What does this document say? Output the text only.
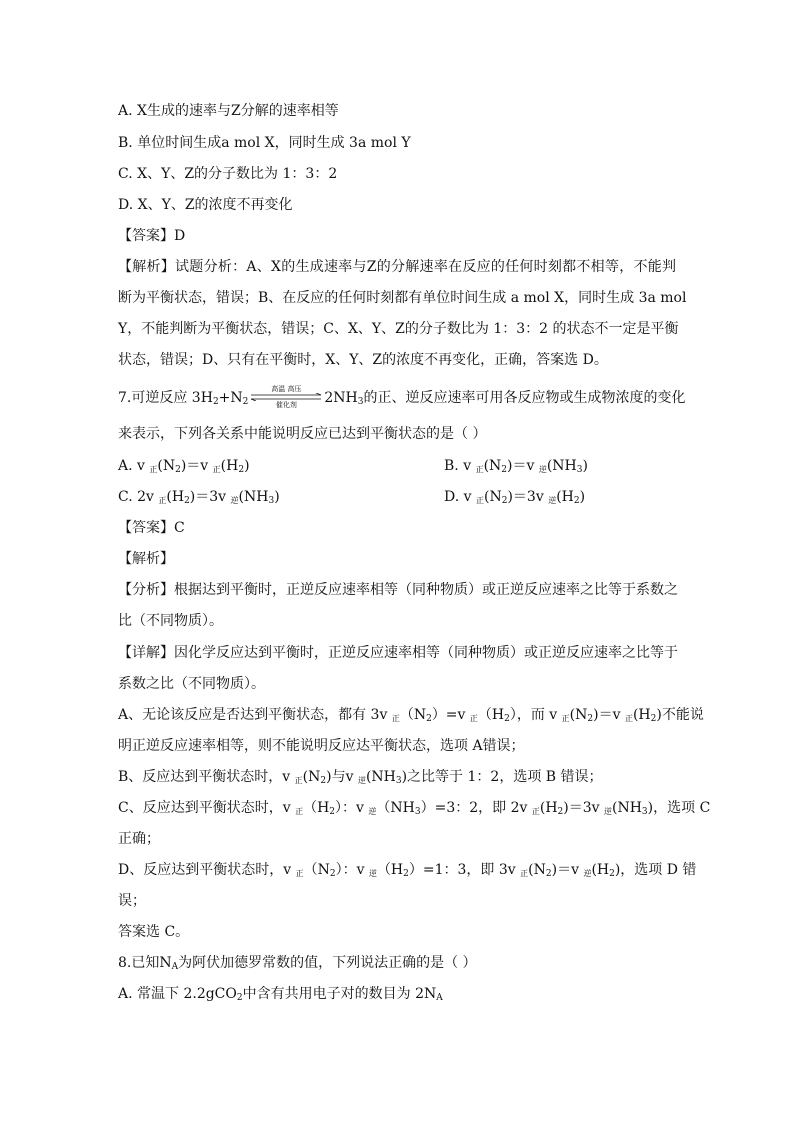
A. X生成的速率与Z分解的速率相等
B. 单位时间生成a mol X，同时生成 3a mol Y
C. X、Y、Z的分子数比为 1：3：2
D. X、Y、Z的浓度不再变化
【答案】D
【解析】试题分析：A、X的生成速率与Z的分解速率在反应的任何时刻都不相等，不能判
断为平衡状态，错误；B、在反应的任何时刻都有单位时间生成 a mol X，同时生成 3a mol
Y，不能判断为平衡状态，错误；C、X、Y、Z的分子数比为 1：3：2 的状态不一定是平衡
状态，错误；D、只有在平衡时，X、Y、Z的浓度不再变化，正确，答案选 D。
7.可逆反应 $3H_2+N_2$
高温 高压
催化剂	$2NH_3$的正、逆反应速率可用各反应物或生成物浓度的变化
来表示，下列各关系中能说明反应已达到平衡状态的是（ ）
A. v $_正(N_2)=v$ $_正(H_2)$	B. v $_正(N_2)=v$ $_逆(NH_3)$
C. 2v $_正(H_2)=3v$ $_逆(NH_3)$	D. v $_正(N_2)=3v$ $_逆(H_2)$
【答案】C
【解析】
【分析】根据达到平衡时，正逆反应速率相等（同种物质）或正逆反应速率之比等于系数之
比（不同物质）。
【详解】因化学反应达到平衡时，正逆反应速率相等（同种物质）或正逆反应速率之比等于
系数之比（不同物质）。
A、无论该反应是否达到平衡状态，都有 3v $_正(N_2)=v$ $_正(H_2)$，而 v $_正(N_2)=v$ $_正(H_2)$不能说
明正逆反应速率相等，则不能说明反应达平衡状态，选项 A错误；
B、反应达到平衡状态时，v $_正(N_2)$与v $_逆(NH_3)$之比等于 1：2，选项 B 错误；
C、反应达到平衡状态时，v $_正(H_2)$：v $_逆(NH_3)=3$：2，即 2v $_正(H_2)=3v$ $_逆(NH_3)$，选项 C
正确；
D、反应达到平衡状态时，v $_正(N_2)$：v $_逆(H_2)=1$：3，即 3v $_正(N_2)=v$ $_逆(H_2)$，选项 D 错
误；
答案选 C。
8.已知$N_A$为阿伏加德罗常数的值，下列说法正确的是（ ）
A. 常温下 2.2gCO$_2$中含有共用电子对的数目为 $2N_A$
